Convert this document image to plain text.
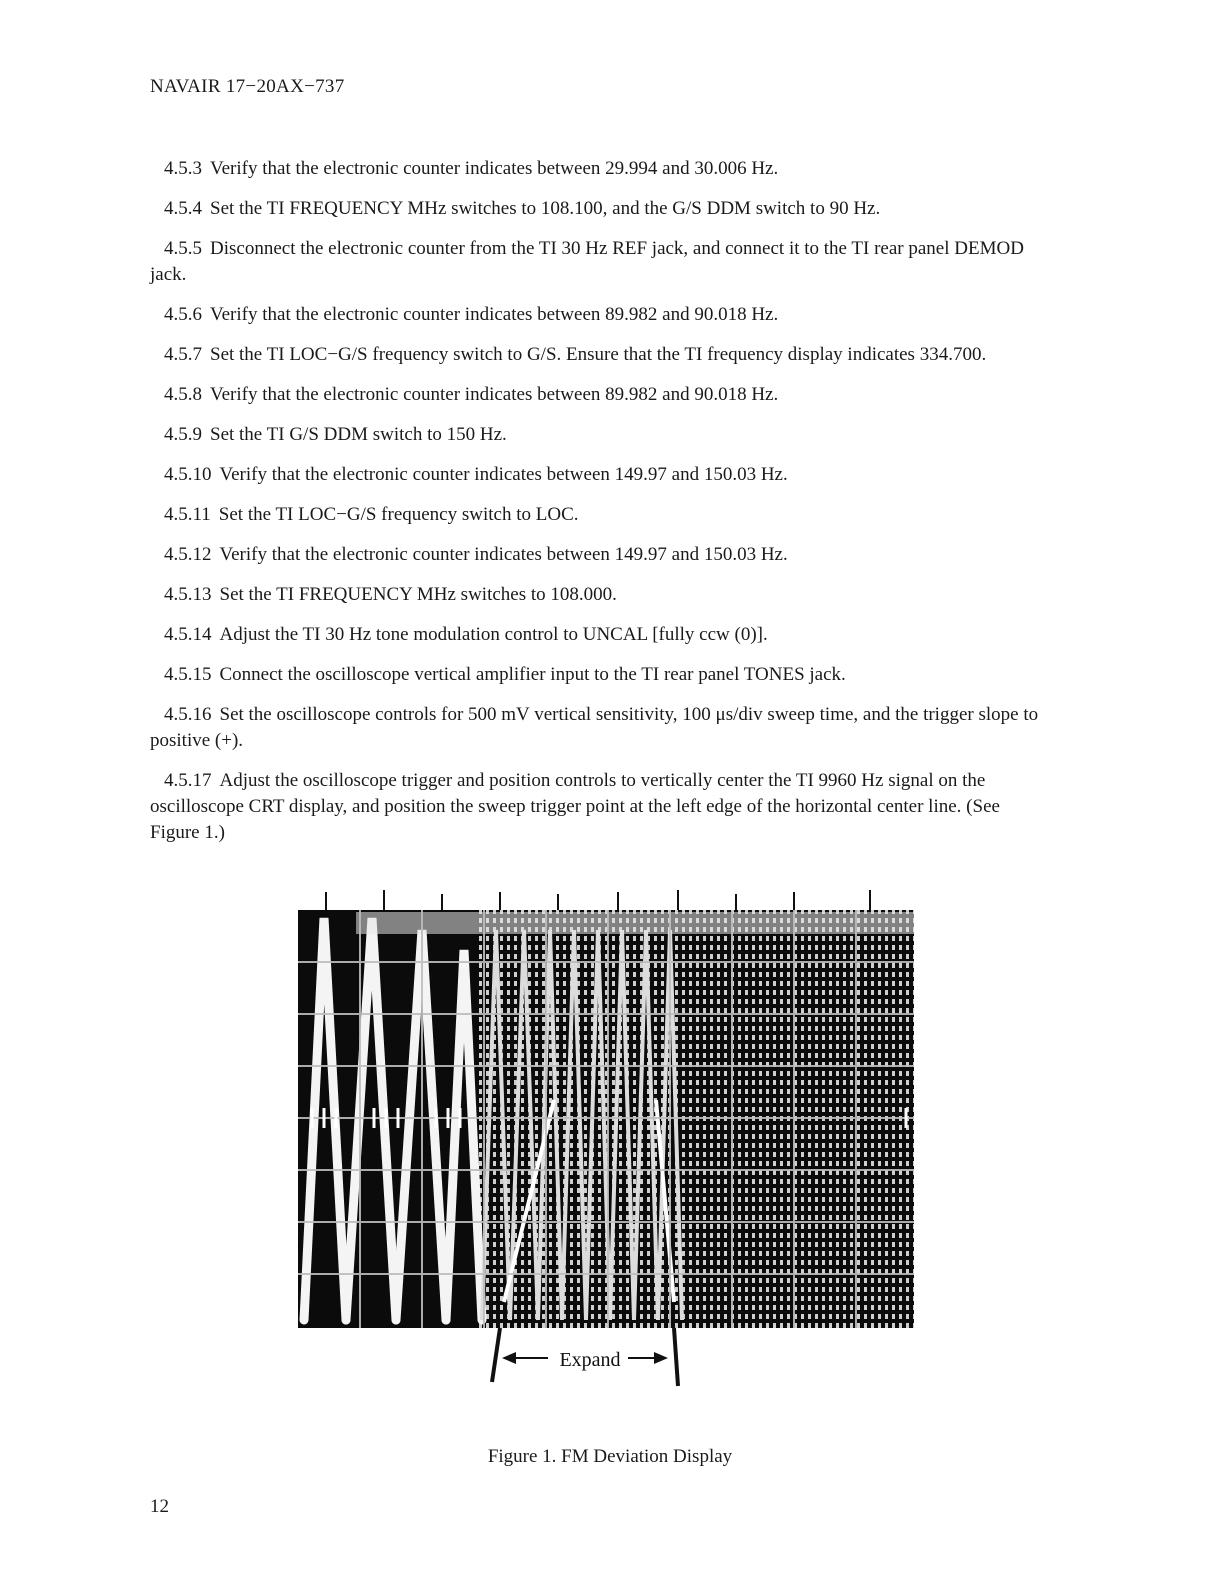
NAVAIR 17−20AX−737
4.5.3 Verify that the electronic counter indicates between 29.994 and 30.006 Hz.
4.5.4 Set the TI FREQUENCY MHz switches to 108.100, and the G/S DDM switch to 90 Hz.
4.5.5 Disconnect the electronic counter from the TI 30 Hz REF jack, and connect it to the TI rear panel DEMOD jack.
4.5.6 Verify that the electronic counter indicates between 89.982 and 90.018 Hz.
4.5.7 Set the TI LOC−G/S frequency switch to G/S. Ensure that the TI frequency display indicates 334.700.
4.5.8 Verify that the electronic counter indicates between 89.982 and 90.018 Hz.
4.5.9 Set the TI G/S DDM switch to 150 Hz.
4.5.10 Verify that the electronic counter indicates between 149.97 and 150.03 Hz.
4.5.11 Set the TI LOC−G/S frequency switch to LOC.
4.5.12 Verify that the electronic counter indicates between 149.97 and 150.03 Hz.
4.5.13 Set the TI FREQUENCY MHz switches to 108.000.
4.5.14 Adjust the TI 30 Hz tone modulation control to UNCAL [fully ccw (0)].
4.5.15 Connect the oscilloscope vertical amplifier input to the TI rear panel TONES jack.
4.5.16 Set the oscilloscope controls for 500 mV vertical sensitivity, 100 μs/div sweep time, and the trigger slope to positive (+).
4.5.17 Adjust the oscilloscope trigger and position controls to vertically center the TI 9960 Hz signal on the oscilloscope CRT display, and position the sweep trigger point at the left edge of the horizontal center line. (See Figure 1.)
Expand
Figure 1. FM Deviation Display
12
